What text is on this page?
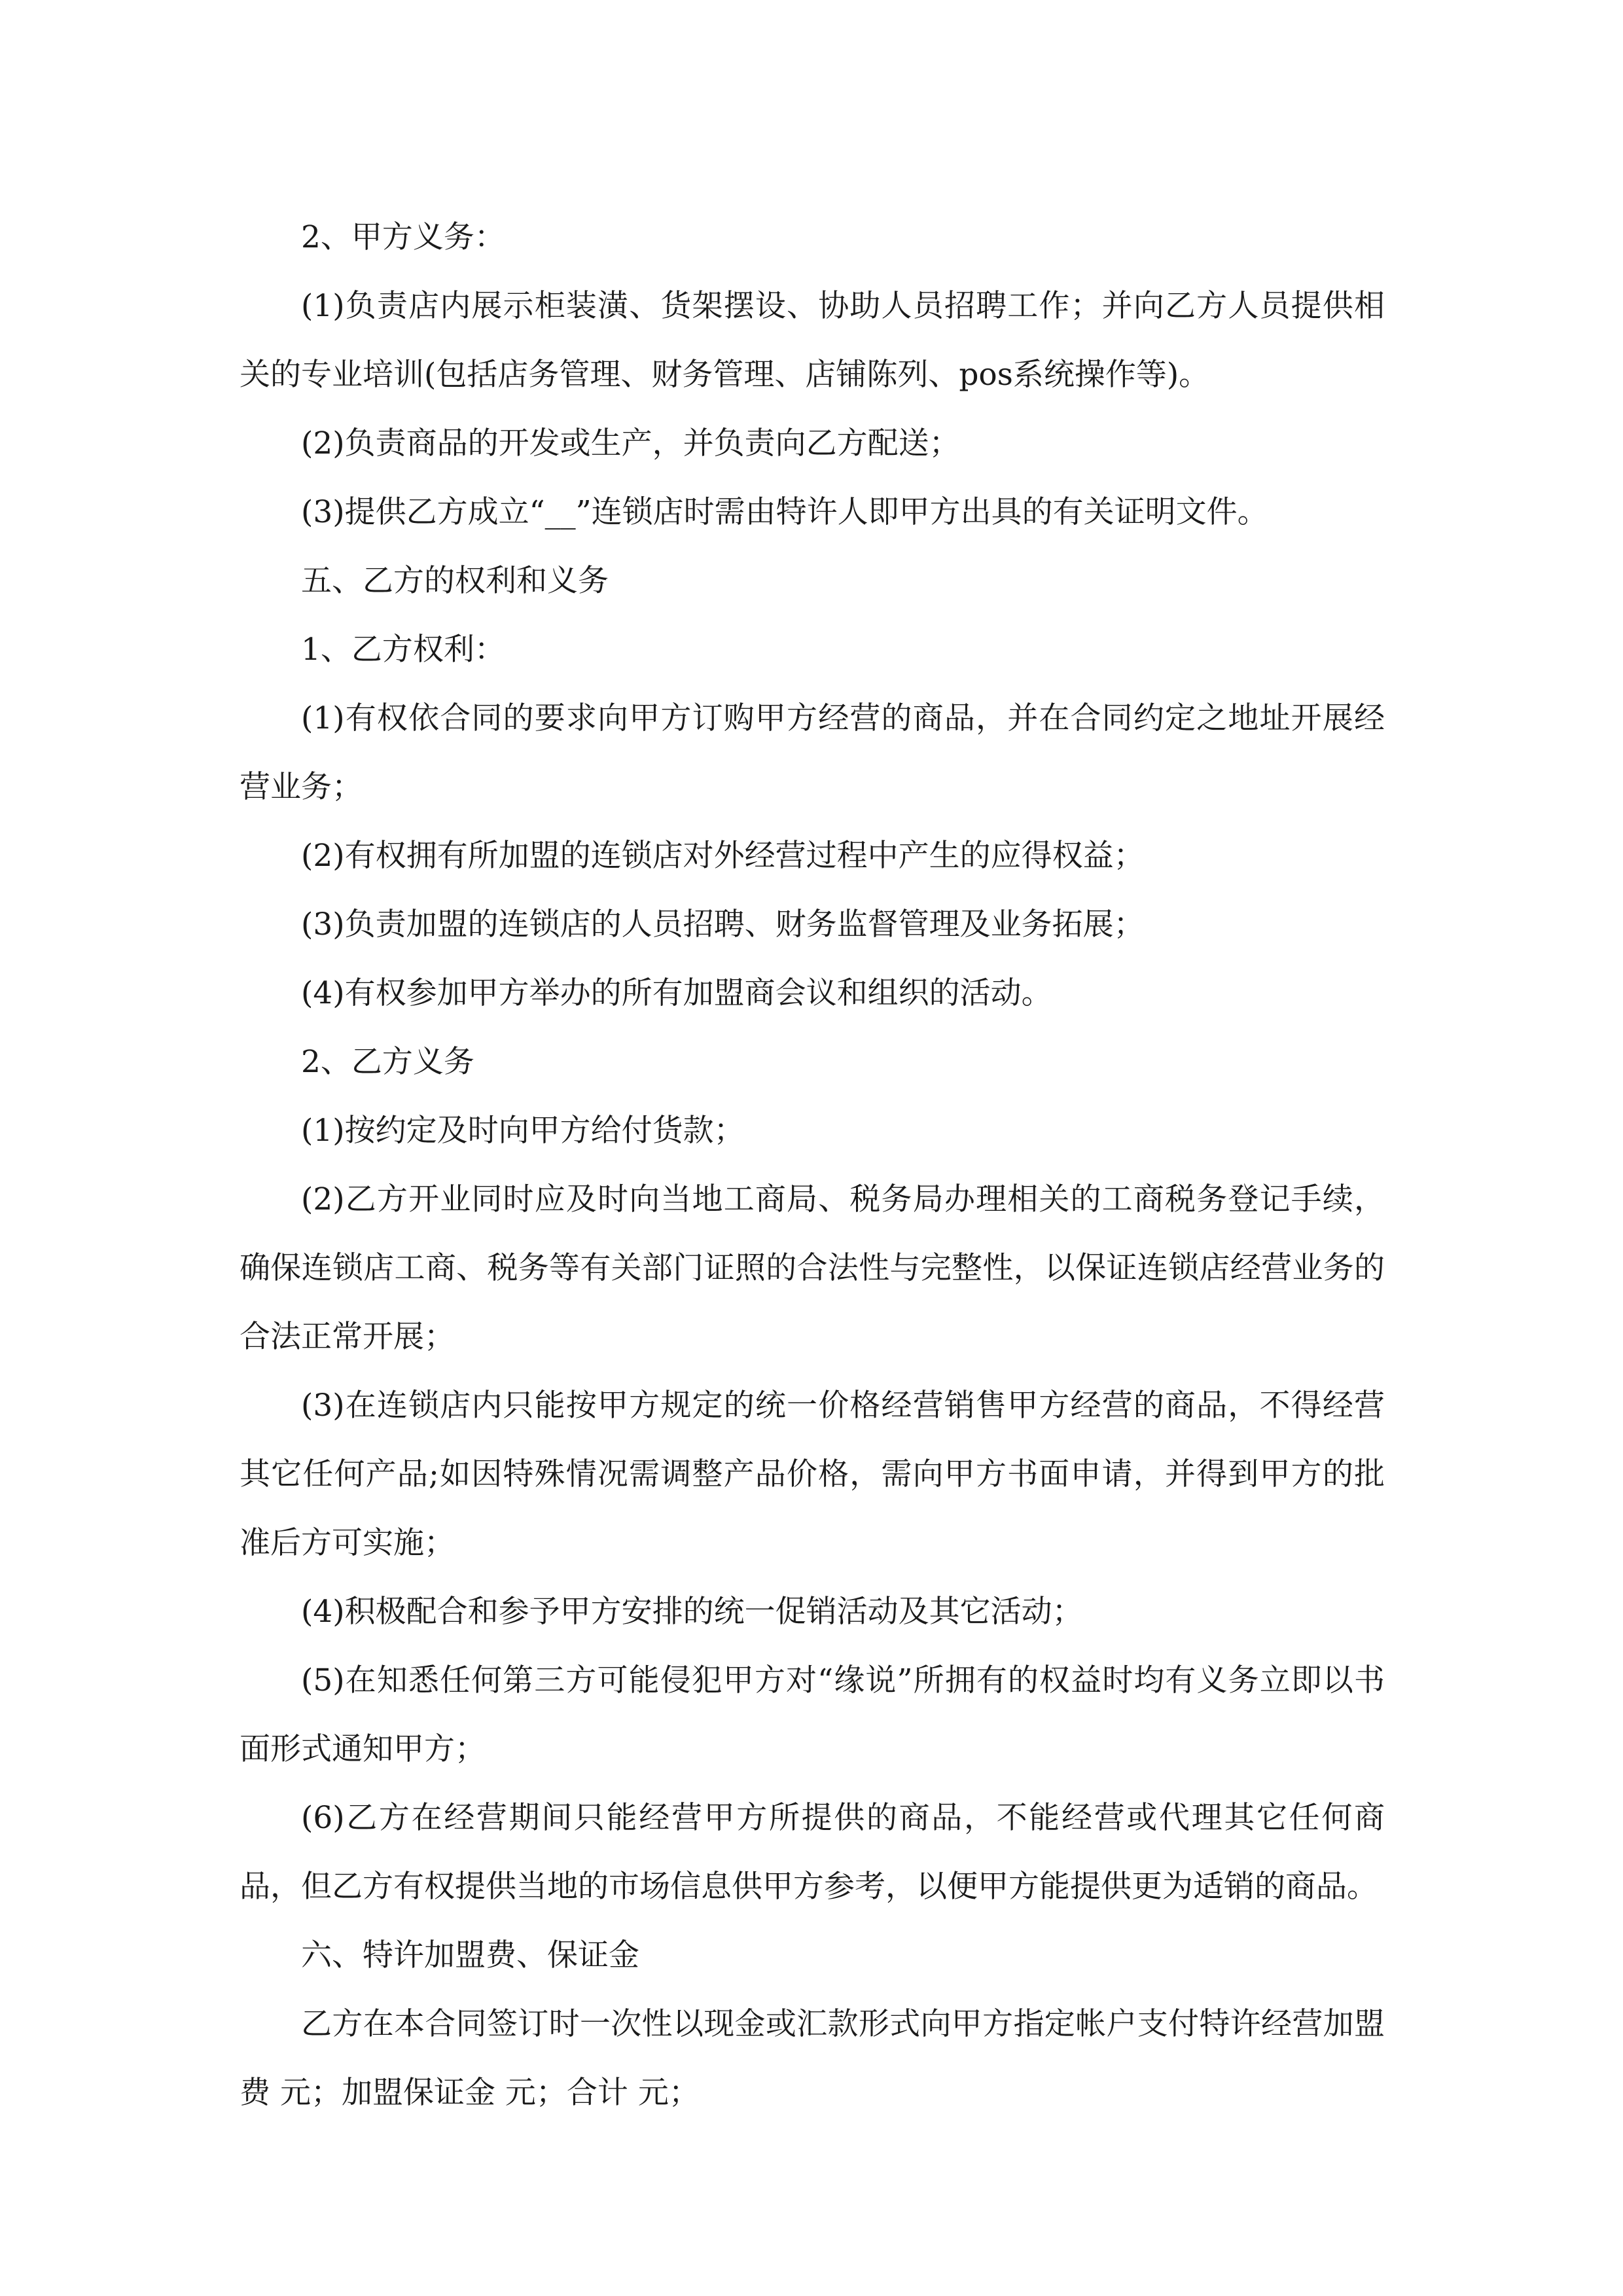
2、甲方义务：

(1)负责店内展示柜装潢、货架摆设、协助人员招聘工作；并向乙方人员提供相关的专业培训(包括店务管理、财务管理、店铺陈列、pos系统操作等)。

(2)负责商品的开发或生产，并负责向乙方配送；

(3)提供乙方成立“__”连锁店时需由特许人即甲方出具的有关证明文件。

五、乙方的权利和义务

1、乙方权利：

(1)有权依合同的要求向甲方订购甲方经营的商品，并在合同约定之地址开展经营业务；

(2)有权拥有所加盟的连锁店对外经营过程中产生的应得权益；

(3)负责加盟的连锁店的人员招聘、财务监督管理及业务拓展；

(4)有权参加甲方举办的所有加盟商会议和组织的活动。

2、乙方义务

(1)按约定及时向甲方给付货款；

(2)乙方开业同时应及时向当地工商局、税务局办理相关的工商税务登记手续，确保连锁店工商、税务等有关部门证照的合法性与完整性，以保证连锁店经营业务的合法正常开展；

(3)在连锁店内只能按甲方规定的统一价格经营销售甲方经营的商品，不得经营其它任何产品;如因特殊情况需调整产品价格，需向甲方书面申请，并得到甲方的批准后方可实施；

(4)积极配合和参予甲方安排的统一促销活动及其它活动；

(5)在知悉任何第三方可能侵犯甲方对“缘说”所拥有的权益时均有义务立即以书面形式通知甲方；

(6)乙方在经营期间只能经营甲方所提供的商品，不能经营或代理其它任何商品，但乙方有权提供当地的市场信息供甲方参考，以便甲方能提供更为适销的商品。

六、特许加盟费、保证金

乙方在本合同签订时一次性以现金或汇款形式向甲方指定帐户支付特许经营加盟费 元；加盟保证金 元；合计 元；
